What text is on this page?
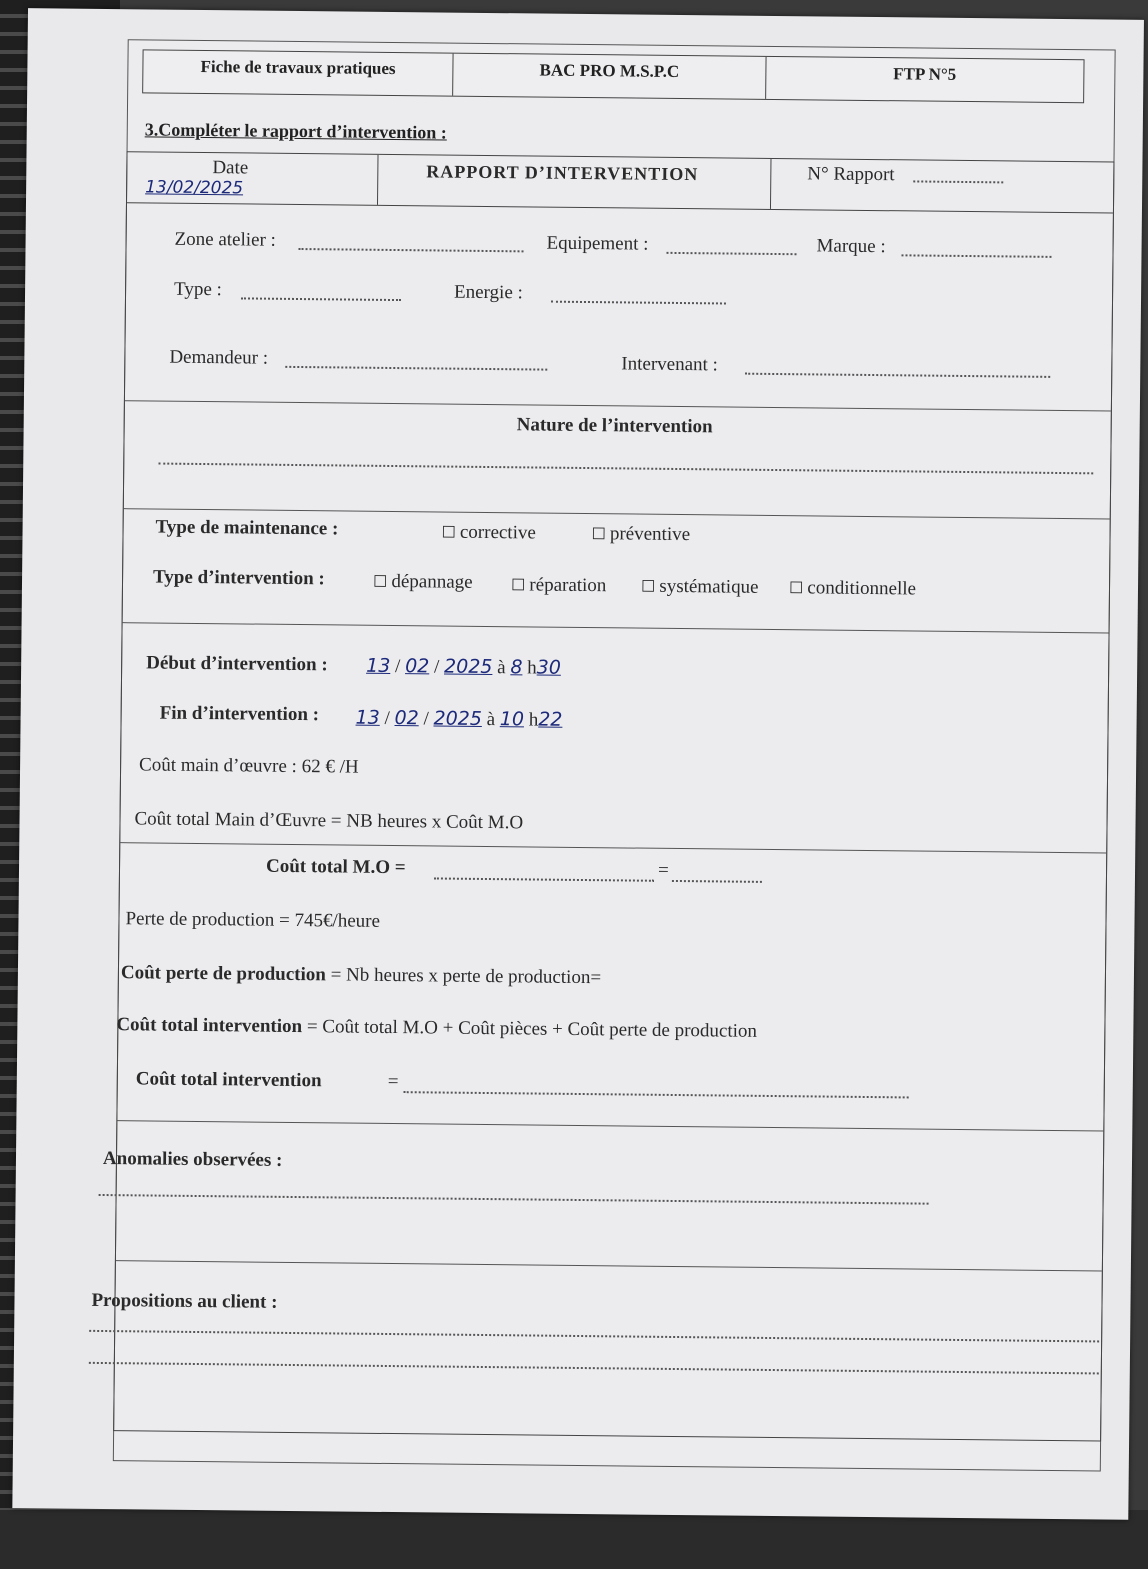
Fiche de travaux pratiques	BAC PRO M.S.P.C	FTP N°5
3.Compléter le rapport d’intervention :
Date
13/02/2025
RAPPORT D’INTERVENTION	N° Rapport
Zone atelier :	Equipement :	Marque :
Type :	Energie :
Demandeur :	Intervenant :
Nature de l’intervention
Type de maintenance :	☐ corrective	☐ préventive
Type d’intervention :	☐ dépannage ☐ réparation ☐ systématique ☐ conditionnelle
Début d’intervention : 13 / 02 / 2025 à 8 h30
Fin d’intervention : 13 / 02 / 2025 à 10 h22
Coût main d’œuvre : 62 € /H
Coût total Main d’Œuvre = NB heures x Coût M.O
Coût total M.O =	=
Perte de production = 745€/heure
Coût perte de production = Nb heures x perte de production=
Coût total intervention = Coût total M.O + Coût pièces + Coût perte de production
Coût total intervention	=
Anomalies observées :
Propositions au client :
